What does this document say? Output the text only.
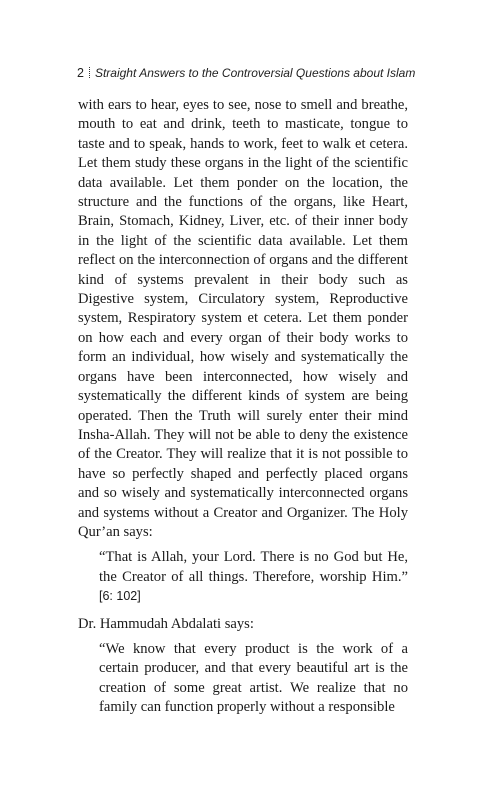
2 Straight Answers to the Controversial Questions about Islam

with ears to hear, eyes to see, nose to smell and breathe, mouth to eat and drink, teeth to masticate, tongue to taste and to speak, hands to work, feet to walk et cetera. Let them study these organs in the light of the scientific data available. Let them ponder on the location, the structure and the functions of the organs, like Heart, Brain, Stomach, Kidney, Liver, etc. of their inner body in the light of the scientific data available. Let them reflect on the interconnection of organs and the different kind of systems prevalent in their body such as Digestive system, Circulatory system, Reproductive system, Respiratory system et cetera. Let them ponder on how each and every organ of their body works to form an individual, how wisely and systematically the organs have been interconnected, how wisely and systematically the different kinds of system are being operated. Then the Truth will surely enter their mind Insha-Allah. They will not be able to deny the existence of the Creator. They will realize that it is not possible to have so perfectly shaped and perfectly placed organs and so wisely and systematically interconnected organs and systems without a Creator and Organizer. The Holy Qur’an says:

“That is Allah, your Lord. There is no God but He, the Creator of all things. Therefore, worship Him.” [6: 102]

Dr. Hammudah Abdalati says:

“We know that every product is the work of a certain producer, and that every beautiful art is the creation of some great artist. We realize that no family can function properly without a responsible
